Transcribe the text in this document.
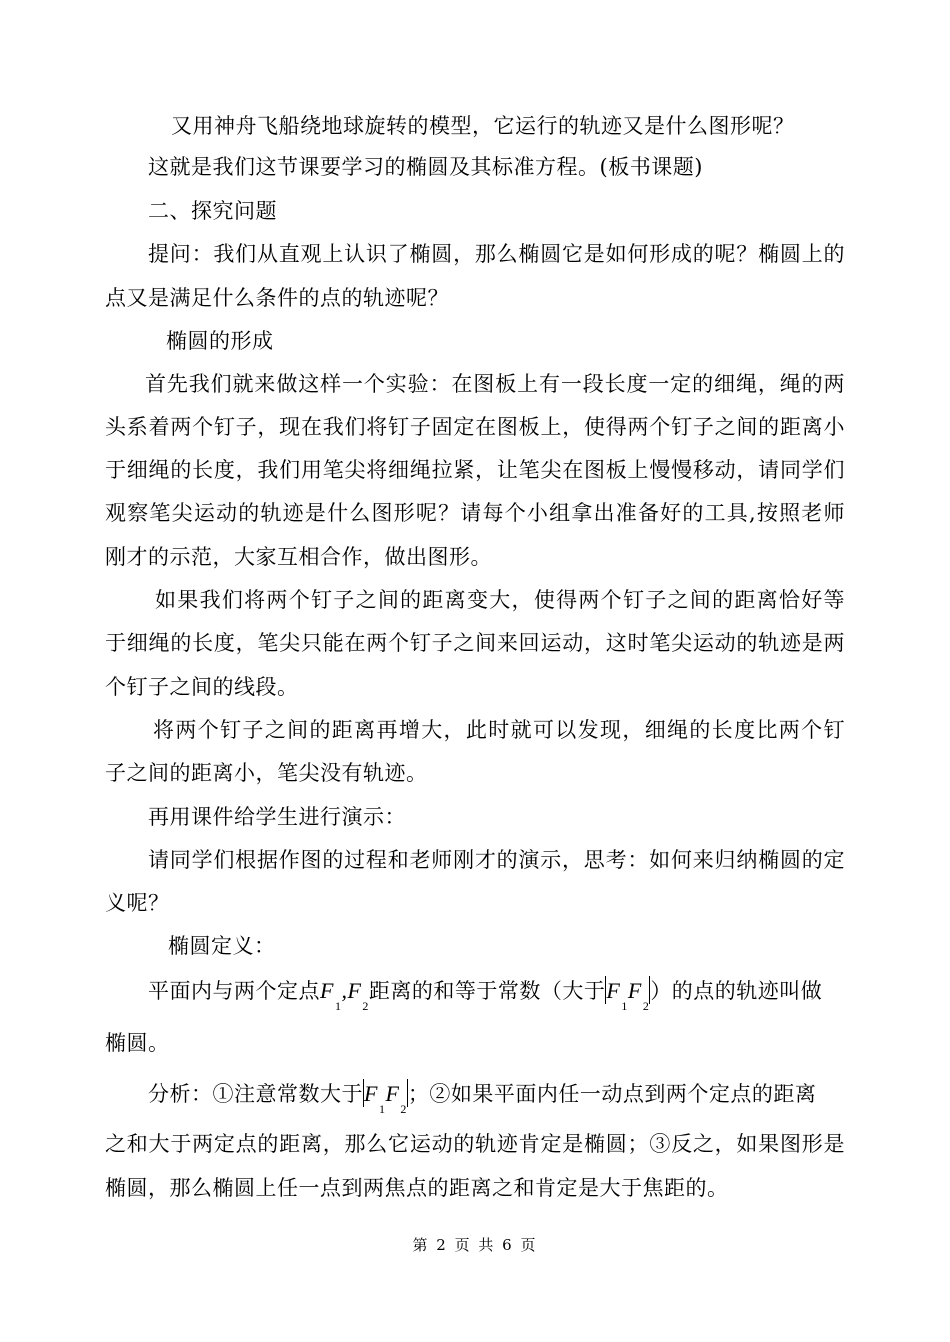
又用神舟飞船绕地球旋转的模型，它运行的轨迹又是什么图形呢？
这就是我们这节课要学习的椭圆及其标准方程。(板书课题)
二、探究问题
提问：我们从直观上认识了椭圆，那么椭圆它是如何形成的呢？椭圆上的
点又是满足什么条件的点的轨迹呢？
椭圆的形成
首先我们就来做这样一个实验：在图板上有一段长度一定的细绳，绳的两
头系着两个钉子，现在我们将钉子固定在图板上，使得两个钉子之间的距离小
于细绳的长度，我们用笔尖将细绳拉紧，让笔尖在图板上慢慢移动，请同学们
观察笔尖运动的轨迹是什么图形呢？请每个小组拿出准备好的工具,按照老师
刚才的示范，大家互相合作，做出图形。
如果我们将两个钉子之间的距离变大，使得两个钉子之间的距离恰好等
于细绳的长度，笔尖只能在两个钉子之间来回运动，这时笔尖运动的轨迹是两
个钉子之间的线段。
将两个钉子之间的距离再增大，此时就可以发现，细绳的长度比两个钉
子之间的距离小，笔尖没有轨迹。
再用课件给学生进行演示：
请同学们根据作图的过程和老师刚才的演示，思考：如何来归纳椭圆的定
义呢？
椭圆定义：
平面内与两个定点$F_1,F_2$距离的和等于常数（大于$F_1F_2$）的点的轨迹叫做
椭圆。
分析：①注意常数大于$F_1F_2$；②如果平面内任一动点到两个定点的距离
之和大于两定点的距离，那么它运动的轨迹肯定是椭圆；③反之，如果图形是
椭圆，那么椭圆上任一点到两焦点的距离之和肯定是大于焦距的。
第 2 页 共 6 页
